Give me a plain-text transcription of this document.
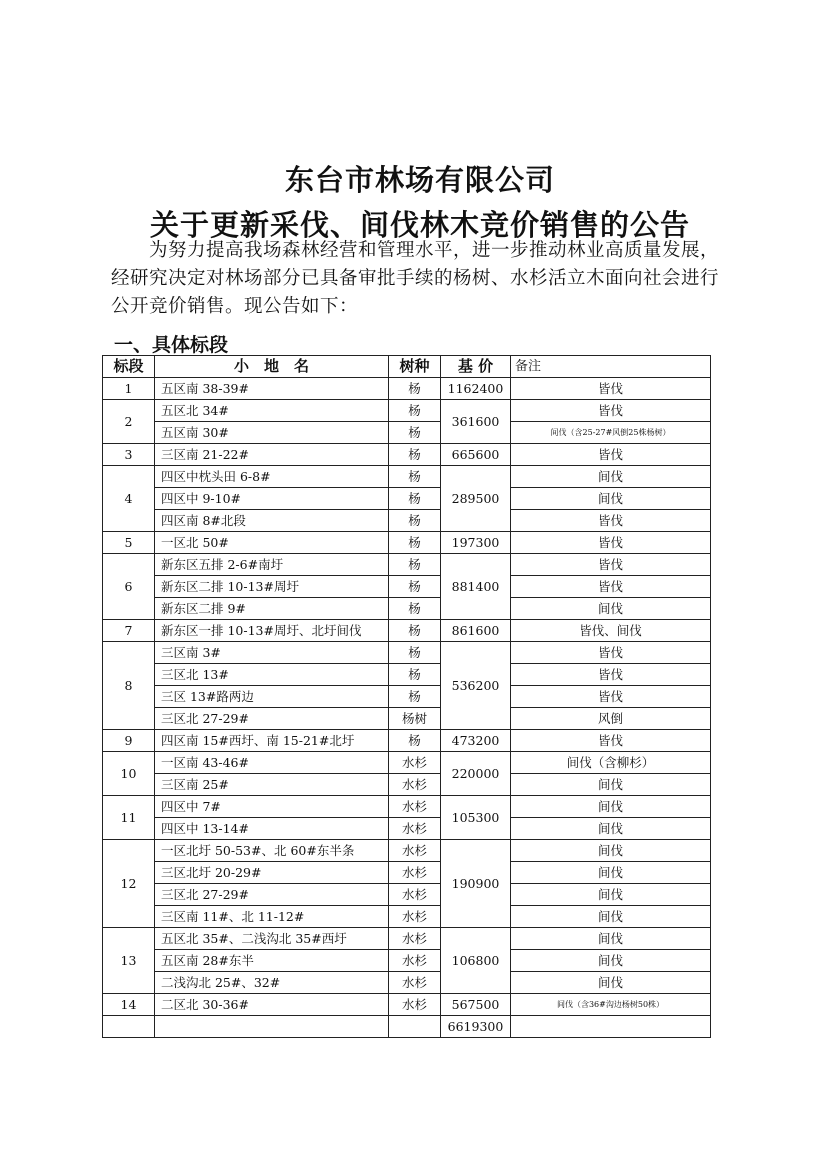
东台市林场有限公司
关于更新采伐、间伐林木竞价销售的公告
为努力提高我场森林经营和管理水平，进一步推动林业高质量发展，
经研究决定对林场部分已具备审批手续的杨树、水杉活立木面向社会进行
公开竞价销售。现公告如下：
一、具体标段
标段	小　地　名	树种	基 价	备注
1	五区南 38-39#	杨	1162400	皆伐
2	五区北 34#	杨	361600	皆伐
	五区南 30#	杨		间伐（含25-27#风倒25株杨树）
3	三区南 21-22#	杨	665600	皆伐
4	四区中枕头田 6-8#	杨	289500	间伐
	四区中 9-10#	杨		间伐
	四区南 8#北段	杨		皆伐
5	一区北 50#	杨	197300	皆伐
6	新东区五排 2-6#南圩	杨	881400	皆伐
	新东区二排 10-13#周圩	杨		皆伐
	新东区二排 9#	杨		间伐
7	新东区一排 10-13#周圩、北圩间伐	杨	861600	皆伐、间伐
8	三区南 3#	杨	536200	皆伐
	三区北 13#	杨		皆伐
	三区 13#路两边	杨		皆伐
	三区北 27-29#	杨树		风倒
9	四区南 15#西圩、南 15-21#北圩	杨	473200	皆伐
10	一区南 43-46#	水杉	220000	间伐（含柳杉）
	三区南 25#	水杉		间伐
11	四区中 7#	水杉	105300	间伐
	四区中 13-14#	水杉		间伐
12	一区北圩 50-53#、北 60#东半条	水杉	190900	间伐
	三区北圩 20-29#	水杉		间伐
	三区北 27-29#	水杉		间伐
	三区南 11#、北 11-12#	水杉		间伐
13	五区北 35#、二浅沟北 35#西圩	水杉	106800	间伐
	五区南 28#东半	水杉		间伐
	二浅沟北 25#、32#	水杉		间伐
14	二区北 30-36#	水杉	567500	间伐（含36#沟边杨树50株）
			6619300	
